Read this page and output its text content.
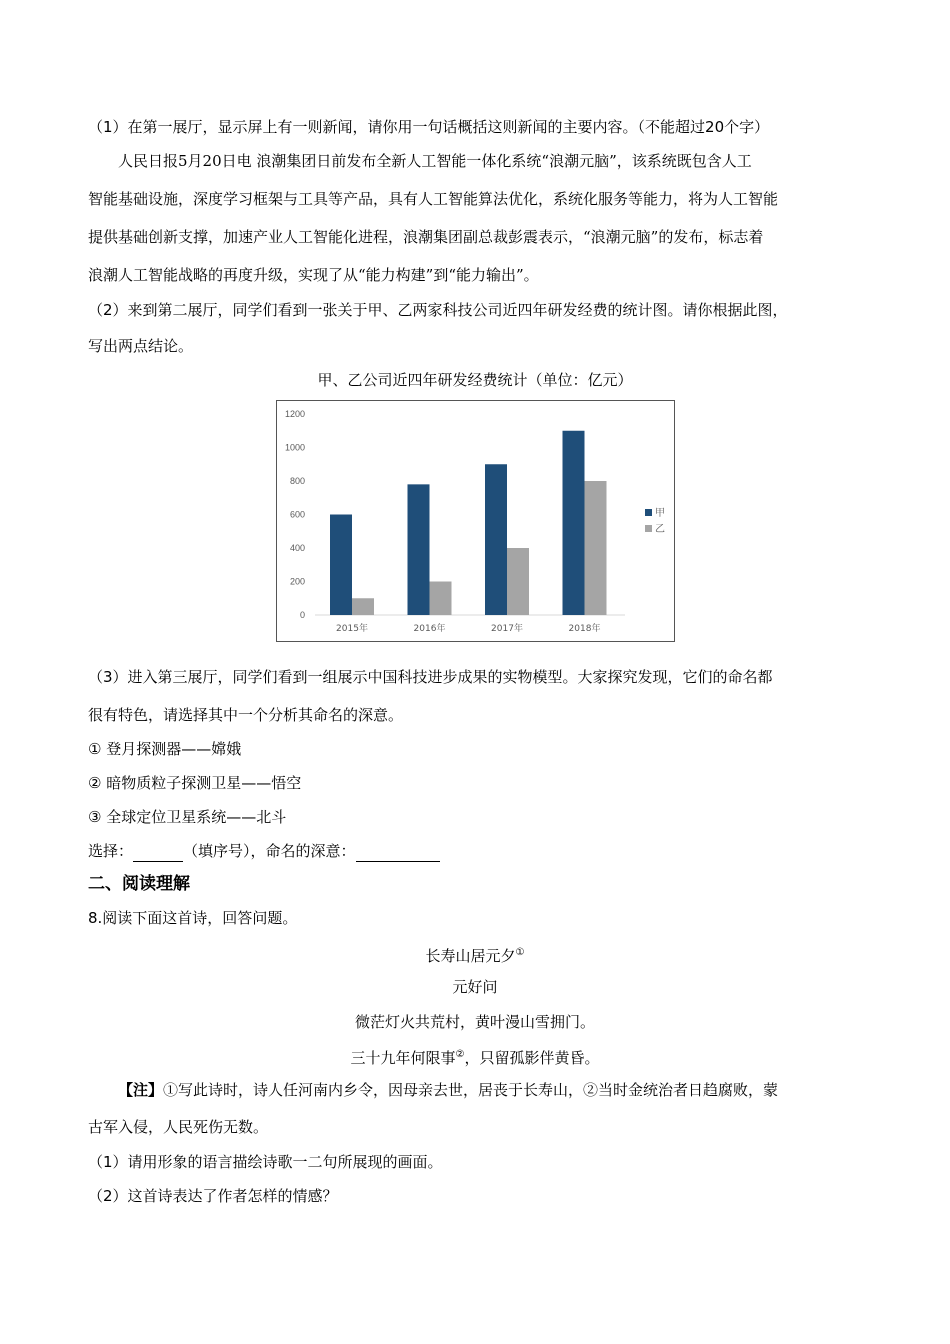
（1）在第一展厅，显示屏上有一则新闻，请你用一句话概括这则新闻的主要内容。（不能超过20个字）
人民日报5月20日电 浪潮集团日前发布全新人工智能一体化系统“浪潮元脑”，该系统既包含人工
智能基础设施，深度学习框架与工具等产品，具有人工智能算法优化，系统化服务等能力，将为人工智能
提供基础创新支撑，加速产业人工智能化进程，浪潮集团副总裁彭震表示，“浪潮元脑”的发布，标志着
浪潮人工智能战略的再度升级，实现了从“能力构建”到“能力输出”。
（2）来到第二展厅，同学们看到一张关于甲、乙两家科技公司近四年研发经费的统计图。请你根据此图，
写出两点结论。
甲、乙公司近四年研发经费统计（单位：亿元）
0
200
400
600
800
1000
1200
2015年	2016年	2017年	2018年
甲
乙
（3）进入第三展厅，同学们看到一组展示中国科技进步成果的实物模型。大家探究发现，它们的命名都
很有特色，请选择其中一个分析其命名的深意。
① 登月探测器——嫦娥
② 暗物质粒子探测卫星——悟空
③ 全球定位卫星系统——北斗
选择：	（填序号），命名的深意：
二、阅读理解
8.阅读下面这首诗，回答问题。
长寿山居元夕①
元好问
微茫灯火共荒村，黄叶漫山雪拥门。
三十九年何限事②，只留孤影伴黄昏。
【注】①写此诗时，诗人任河南内乡令，因母亲去世，居丧于长寿山，②当时金统治者日趋腐败，蒙
古军入侵，人民死伤无数。
（1）请用形象的语言描绘诗歌一二句所展现的画面。
（2）这首诗表达了作者怎样的情感？
